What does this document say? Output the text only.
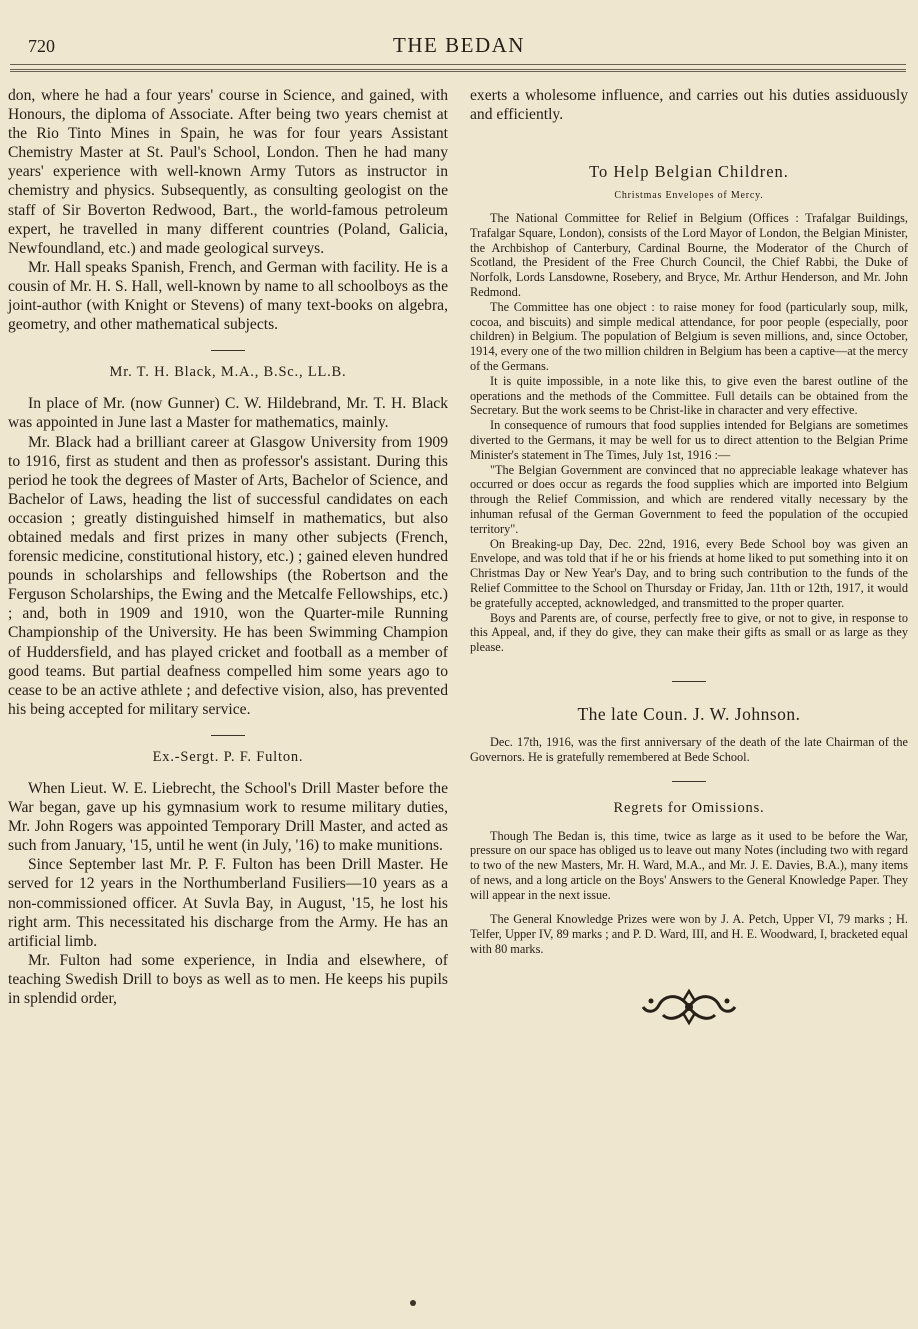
720	THE BEDAN

don, where he had a four years' course in Science, and gained, with Honours, the diploma of Associate. After being two years chemist at the Rio Tinto Mines in Spain, he was for four years Assistant Chemistry Master at St. Paul's School, London. Then he had many years' experience with well-known Army Tutors as instructor in chemistry and physics. Subsequently, as consulting geologist on the staff of Sir Boverton Redwood, Bart., the world-famous petroleum expert, he travelled in many different countries (Poland, Galicia, Newfoundland, etc.) and made geological surveys.

Mr. Hall speaks Spanish, French, and German with facility. He is a cousin of Mr. H. S. Hall, well-known by name to all schoolboys as the joint-author (with Knight or Stevens) of many text-books on algebra, geometry, and other mathematical subjects.

Mr. T. H. Black, M.A., B.Sc., LL.B.

In place of Mr. (now Gunner) C. W. Hildebrand, Mr. T. H. Black was appointed in June last a Master for mathematics, mainly.

Mr. Black had a brilliant career at Glasgow University from 1909 to 1916, first as student and then as professor's assistant. During this period he took the degrees of Master of Arts, Bachelor of Science, and Bachelor of Laws, heading the list of successful candidates on each occasion ; greatly distinguished himself in mathematics, but also obtained medals and first prizes in many other subjects (French, forensic medicine, constitutional history, etc.) ; gained eleven hundred pounds in scholarships and fellowships (the Robertson and the Ferguson Scholarships, the Ewing and the Metcalfe Fellowships, etc.) ; and, both in 1909 and 1910, won the Quarter-mile Running Championship of the University. He has been Swimming Champion of Huddersfield, and has played cricket and football as a member of good teams. But partial deafness compelled him some years ago to cease to be an active athlete ; and defective vision, also, has prevented his being accepted for military service.

Ex.-Sergt. P. F. Fulton.

When Lieut. W. E. Liebrecht, the School's Drill Master before the War began, gave up his gymnasium work to resume military duties, Mr. John Rogers was appointed Temporary Drill Master, and acted as such from January, '15, until he went (in July, '16) to make munitions.

Since September last Mr. P. F. Fulton has been Drill Master. He served for 12 years in the Northumberland Fusiliers—10 years as a non-commissioned officer. At Suvla Bay, in August, '15, he lost his right arm. This necessitated his discharge from the Army. He has an artificial limb.

Mr. Fulton had some experience, in India and elsewhere, of teaching Swedish Drill to boys as well as to men. He keeps his pupils in splendid order,

exerts a wholesome influence, and carries out his duties assiduously and efficiently.

To Help Belgian Children.
Christmas Envelopes of Mercy.

The National Committee for Relief in Belgium (Offices : Trafalgar Buildings, Trafalgar Square, London), consists of the Lord Mayor of London, the Belgian Minister, the Archbishop of Canterbury, Cardinal Bourne, the Moderator of the Church of Scotland, the President of the Free Church Council, the Chief Rabbi, the Duke of Norfolk, Lords Lansdowne, Rosebery, and Bryce, Mr. Arthur Henderson, and Mr. John Redmond.

The Committee has one object : to raise money for food (particularly soup, milk, cocoa, and biscuits) and simple medical attendance, for poor people (especially, poor children) in Belgium. The population of Belgium is seven millions, and, since October, 1914, every one of the two million children in Belgium has been a captive—at the mercy of the Germans.

It is quite impossible, in a note like this, to give even the barest outline of the operations and the methods of the Committee. Full details can be obtained from the Secretary. But the work seems to be Christ-like in character and very effective.

In consequence of rumours that food supplies intended for Belgians are sometimes diverted to the Germans, it may be well for us to direct attention to the Belgian Prime Minister's statement in The Times, July 1st, 1916 :—

"The Belgian Government are convinced that no appreciable leakage whatever has occurred or does occur as regards the food supplies which are imported into Belgium through the Relief Commission, and which are rendered vitally necessary by the inhuman refusal of the German Government to feed the population of the occupied territory".

On Breaking-up Day, Dec. 22nd, 1916, every Bede School boy was given an Envelope, and was told that if he or his friends at home liked to put something into it on Christmas Day or New Year's Day, and to bring such contribution to the funds of the Relief Committee to the School on Thursday or Friday, Jan. 11th or 12th, 1917, it would be gratefully accepted, acknowledged, and transmitted to the proper quarter.

Boys and Parents are, of course, perfectly free to give, or not to give, in response to this Appeal, and, if they do give, they can make their gifts as small or as large as they please.

The late Coun. J. W. Johnson.

Dec. 17th, 1916, was the first anniversary of the death of the late Chairman of the Governors. He is gratefully remembered at Bede School.

Regrets for Omissions.

Though The Bedan is, this time, twice as large as it used to be before the War, pressure on our space has obliged us to leave out many Notes (including two with regard to two of the new Masters, Mr. H. Ward, M.A., and Mr. J. E. Davies, B.A.), many items of news, and a long article on the Boys' Answers to the General Knowledge Paper. They will appear in the next issue.

The General Knowledge Prizes were won by J. A. Petch, Upper VI, 79 marks ; H. Telfer, Upper IV, 89 marks ; and P. D. Ward, III, and H. E. Woodward, I, bracketed equal with 80 marks.
